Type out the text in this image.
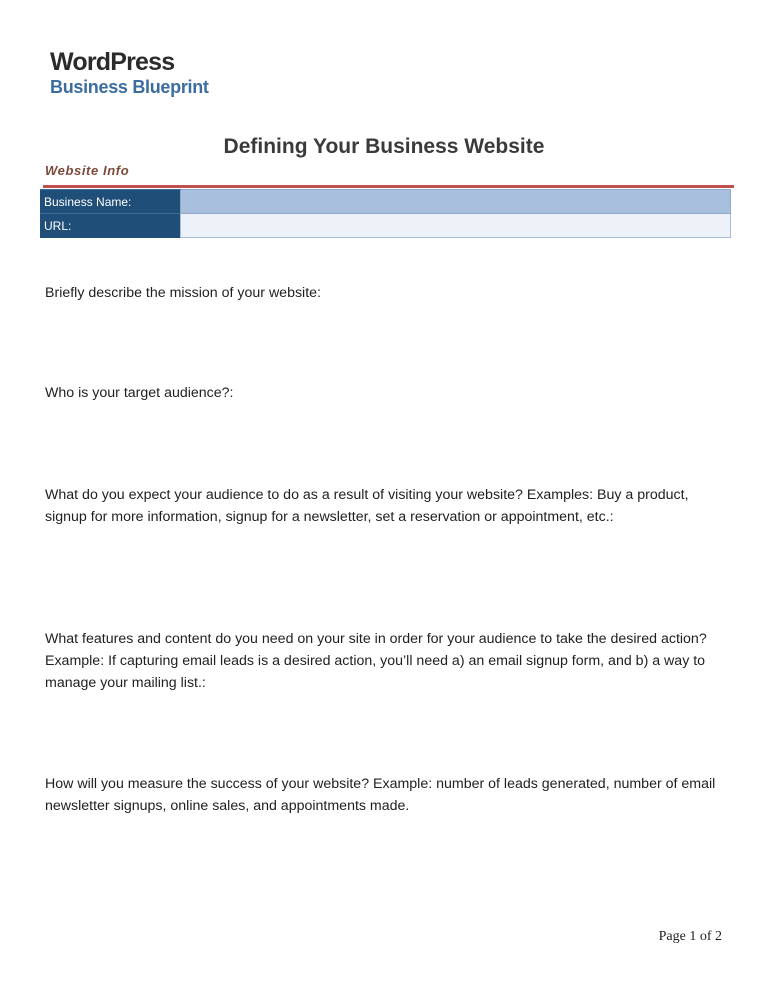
WordPress
Business Blueprint
Defining Your Business Website
Website Info
Business Name:	
URL:	

Briefly describe the mission of your website:

Who is your target audience?:

What do you expect your audience to do as a result of visiting your website? Examples: Buy a product, signup for more information, signup for a newsletter, set a reservation or appointment, etc.:

What features and content do you need on your site in order for your audience to take the desired action? Example: If capturing email leads is a desired action, you’ll need a) an email signup form, and b) a way to manage your mailing list.:

How will you measure the success of your website? Example: number of leads generated, number of email newsletter signups, online sales, and appointments made.

Page 1 of 2
